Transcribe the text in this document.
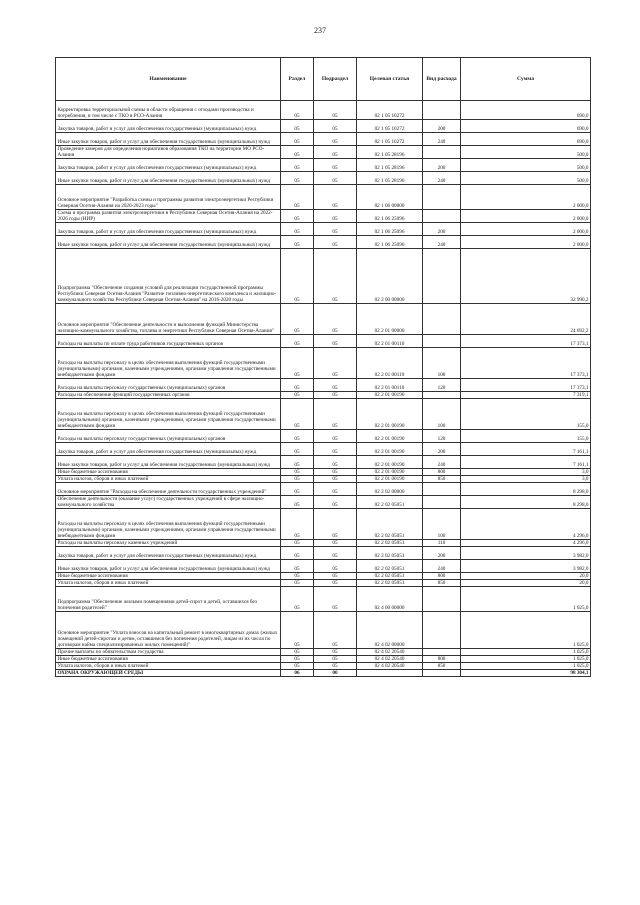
237
Наименование	Раздел	Подраздел	Целевая статья	Вид расхода	Сумма
Корректировка территориальной схемы в области обращения с отходами производства и потребления, в том числе с ТКО в РСО-Алания	05	05	02 1 05 10272		690,0
Закупка товаров, работ и услуг для обеспечения государственных (муниципальных) нужд	05	05	02 1 05 10272	200	690,0
Иные закупки товаров, работ и услуг для обеспечения государственных (муниципальных) нужд	05	05	02 1 05 10272	240	690,0
Проведение замеров для определения нормативов образования ТКО на территории МО РСО-Алания	05	05	02 1 05 28196		500,0
Закупка товаров, работ и услуг для обеспечения государственных (муниципальных) нужд	05	05	02 1 05 28196	200	500,0
Иные закупки товаров, работ и услуг для обеспечения государственных (муниципальных) нужд	05	05	02 1 05 28196	240	500,0
Основное мероприятие "Разработка схемы и программы развития электроэнергетики Республики Северная Осетия-Алания на 2020-2023 годы"	05	05	02 1 06 00000		2 000,0
Схема и программа развития электроэнергетики в Республики Северная Осетия-Алания на 2022-2026 годы (НИР)	05	05	02 1 06 25096		2 000,0
Закупка товаров, работ и услуг для обеспечения государственных (муниципальных) нужд	05	05	02 1 06 25096	200	2 000,0
Иные закупки товаров, работ и услуг для обеспечения государственных (муниципальных) нужд	05	05	02 1 06 25096	240	2 000,0
Подпрограмма "Обеспечение создания условий для реализации государственной программы Республики Северная Осетия-Алания "Развитие топливно-энергетического комплекса и жилищно-коммунального хозяйства Республики Северная Осетия-Алания" на 2016-2020 годы	05	05	02 2 00 00000		32 990,2
Основное мероприятие "Обеспечение деятельности и выполнения функций Министерства жилищно-коммунального хозяйства, топлива и энергетики Республики Северная Осетия-Алания"	05	05	02 2 01 00000		24 692,2
Расходы на выплаты по оплате труда работников государственных органов	05	05	02 2 01 00110		17 373,1
Расходы на выплаты персоналу в целях обеспечения выполнения функций государственными (муниципальными) органами, казенными учреждениями, органами управления государственными внебюджетными фондами	05	05	02 2 01 00110	100	17 373,1
Расходы на выплаты персоналу государственных (муниципальных) органов	05	05	02 2 01 00110	120	17 373,1
Расходы на обеспечение функций государственных органов	05	05	02 2 01 00190		7 319,1
Расходы на выплаты персоналу в целях обеспечения выполнения функций государственными (муниципальными) органами, казенными учреждениями, органами управления государственными внебюджетными фондами	05	05	02 2 01 00190	100	155,0
Расходы на выплаты персоналу государственных (муниципальных) органов	05	05	02 2 01 00190	120	155,0
Закупка товаров, работ и услуг для обеспечения государственных (муниципальных) нужд	05	05	02 2 01 00190	200	7 161,1
Иные закупки товаров, работ и услуг для обеспечения государственных (муниципальных) нужд	05	05	02 2 01 00190	240	7 161,1
Иные бюджетные ассигнования	05	05	02 2 01 00190	800	3,0
Уплата налогов, сборов и иных платежей	05	05	02 2 01 00190	850	3,0
Основное мероприятие "Расходы на обеспечение деятельности государственных учреждений"	05	05	02 2 02 00000		8 298,0
Обеспечение деятельности (оказание услуг) государственных учреждений в сфере жилищно-коммунального хозяйства	05	05	02 2 02 05051		8 298,0
Расходы на выплаты персоналу в целях обеспечения выполнения функций государственными (муниципальными) органами, казенными учреждениями, органами управления государственными внебюджетными фондами	05	05	02 2 02 05051	100	4 296,0
Расходы на выплаты персоналу казенных учреждений	05	05	02 2 02 05051	110	4 296,0
Закупка товаров, работ и услуг для обеспечения государственных (муниципальных) нужд	05	05	02 2 02 05051	200	3 982,0
Иные закупки товаров, работ и услуг для обеспечения государственных (муниципальных) нужд	05	05	02 2 02 05051	240	3 982,0
Иные бюджетные ассигнования	05	05	02 2 02 05051	800	20,0
Уплата налогов, сборов и иных платежей	05	05	02 2 02 05051	850	20,0
Подпрограмма "Обеспечение жилыми помещениями детей-сирот и детей, оставшихся без попечения родителей"	05	05	02 4 00 00000		1 025,0
Основное мероприятие "Уплата взносов на капитальный ремонт в многоквартирных домах (жилых помещений детей-сиротам и детям, оставшимся без попечения родителей, лицам из их числа по договорам найма специализированных жилых помещений)"	05	05	02 4 02 00000		1 025,0
Прочие выплаты по обязательствам государства	05	05	02 4 02 20540		1 025,0
Иные бюджетные ассигнования	05	05	02 4 02 20540	800	1 025,0
Уплата налогов, сборов и иных платежей	05	05	02 4 02 20540	850	1 025,0
ОХРАНА ОКРУЖАЮЩЕЙ СРЕДЫ	06	00			98 304,1
